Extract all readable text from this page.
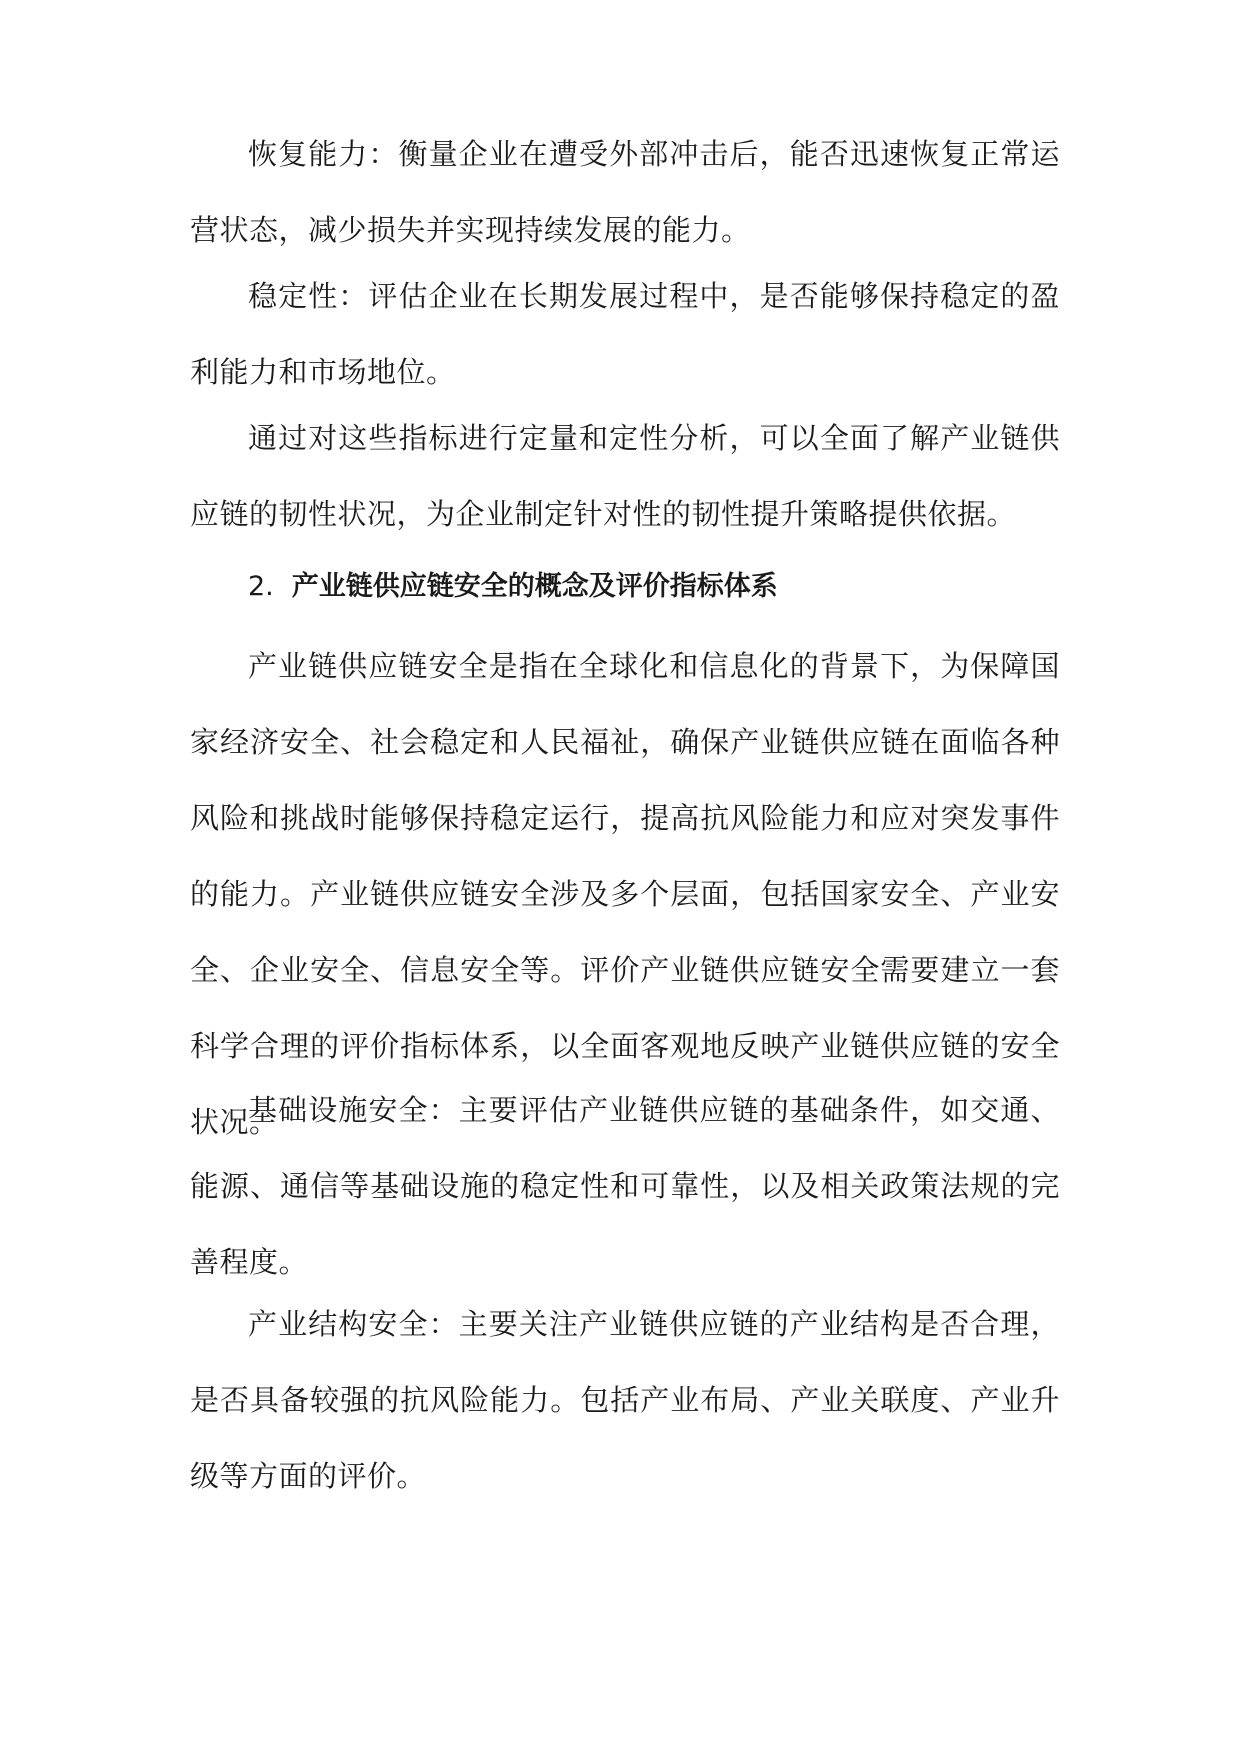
恢复能力：衡量企业在遭受外部冲击后，能否迅速恢复正常运营状态，减少损失并实现持续发展的能力。

稳定性：评估企业在长期发展过程中，是否能够保持稳定的盈利能力和市场地位。

通过对这些指标进行定量和定性分析，可以全面了解产业链供应链的韧性状况，为企业制定针对性的韧性提升策略提供依据。

2. 产业链供应链安全的概念及评价指标体系

产业链供应链安全是指在全球化和信息化的背景下，为保障国家经济安全、社会稳定和人民福祉，确保产业链供应链在面临各种风险和挑战时能够保持稳定运行，提高抗风险能力和应对突发事件的能力。产业链供应链安全涉及多个层面，包括国家安全、产业安全、企业安全、信息安全等。评价产业链供应链安全需要建立一套科学合理的评价指标体系，以全面客观地反映产业链供应链的安全状况。

基础设施安全：主要评估产业链供应链的基础条件，如交通、能源、通信等基础设施的稳定性和可靠性，以及相关政策法规的完善程度。

产业结构安全：主要关注产业链供应链的产业结构是否合理，是否具备较强的抗风险能力。包括产业布局、产业关联度、产业升级等方面的评价。
